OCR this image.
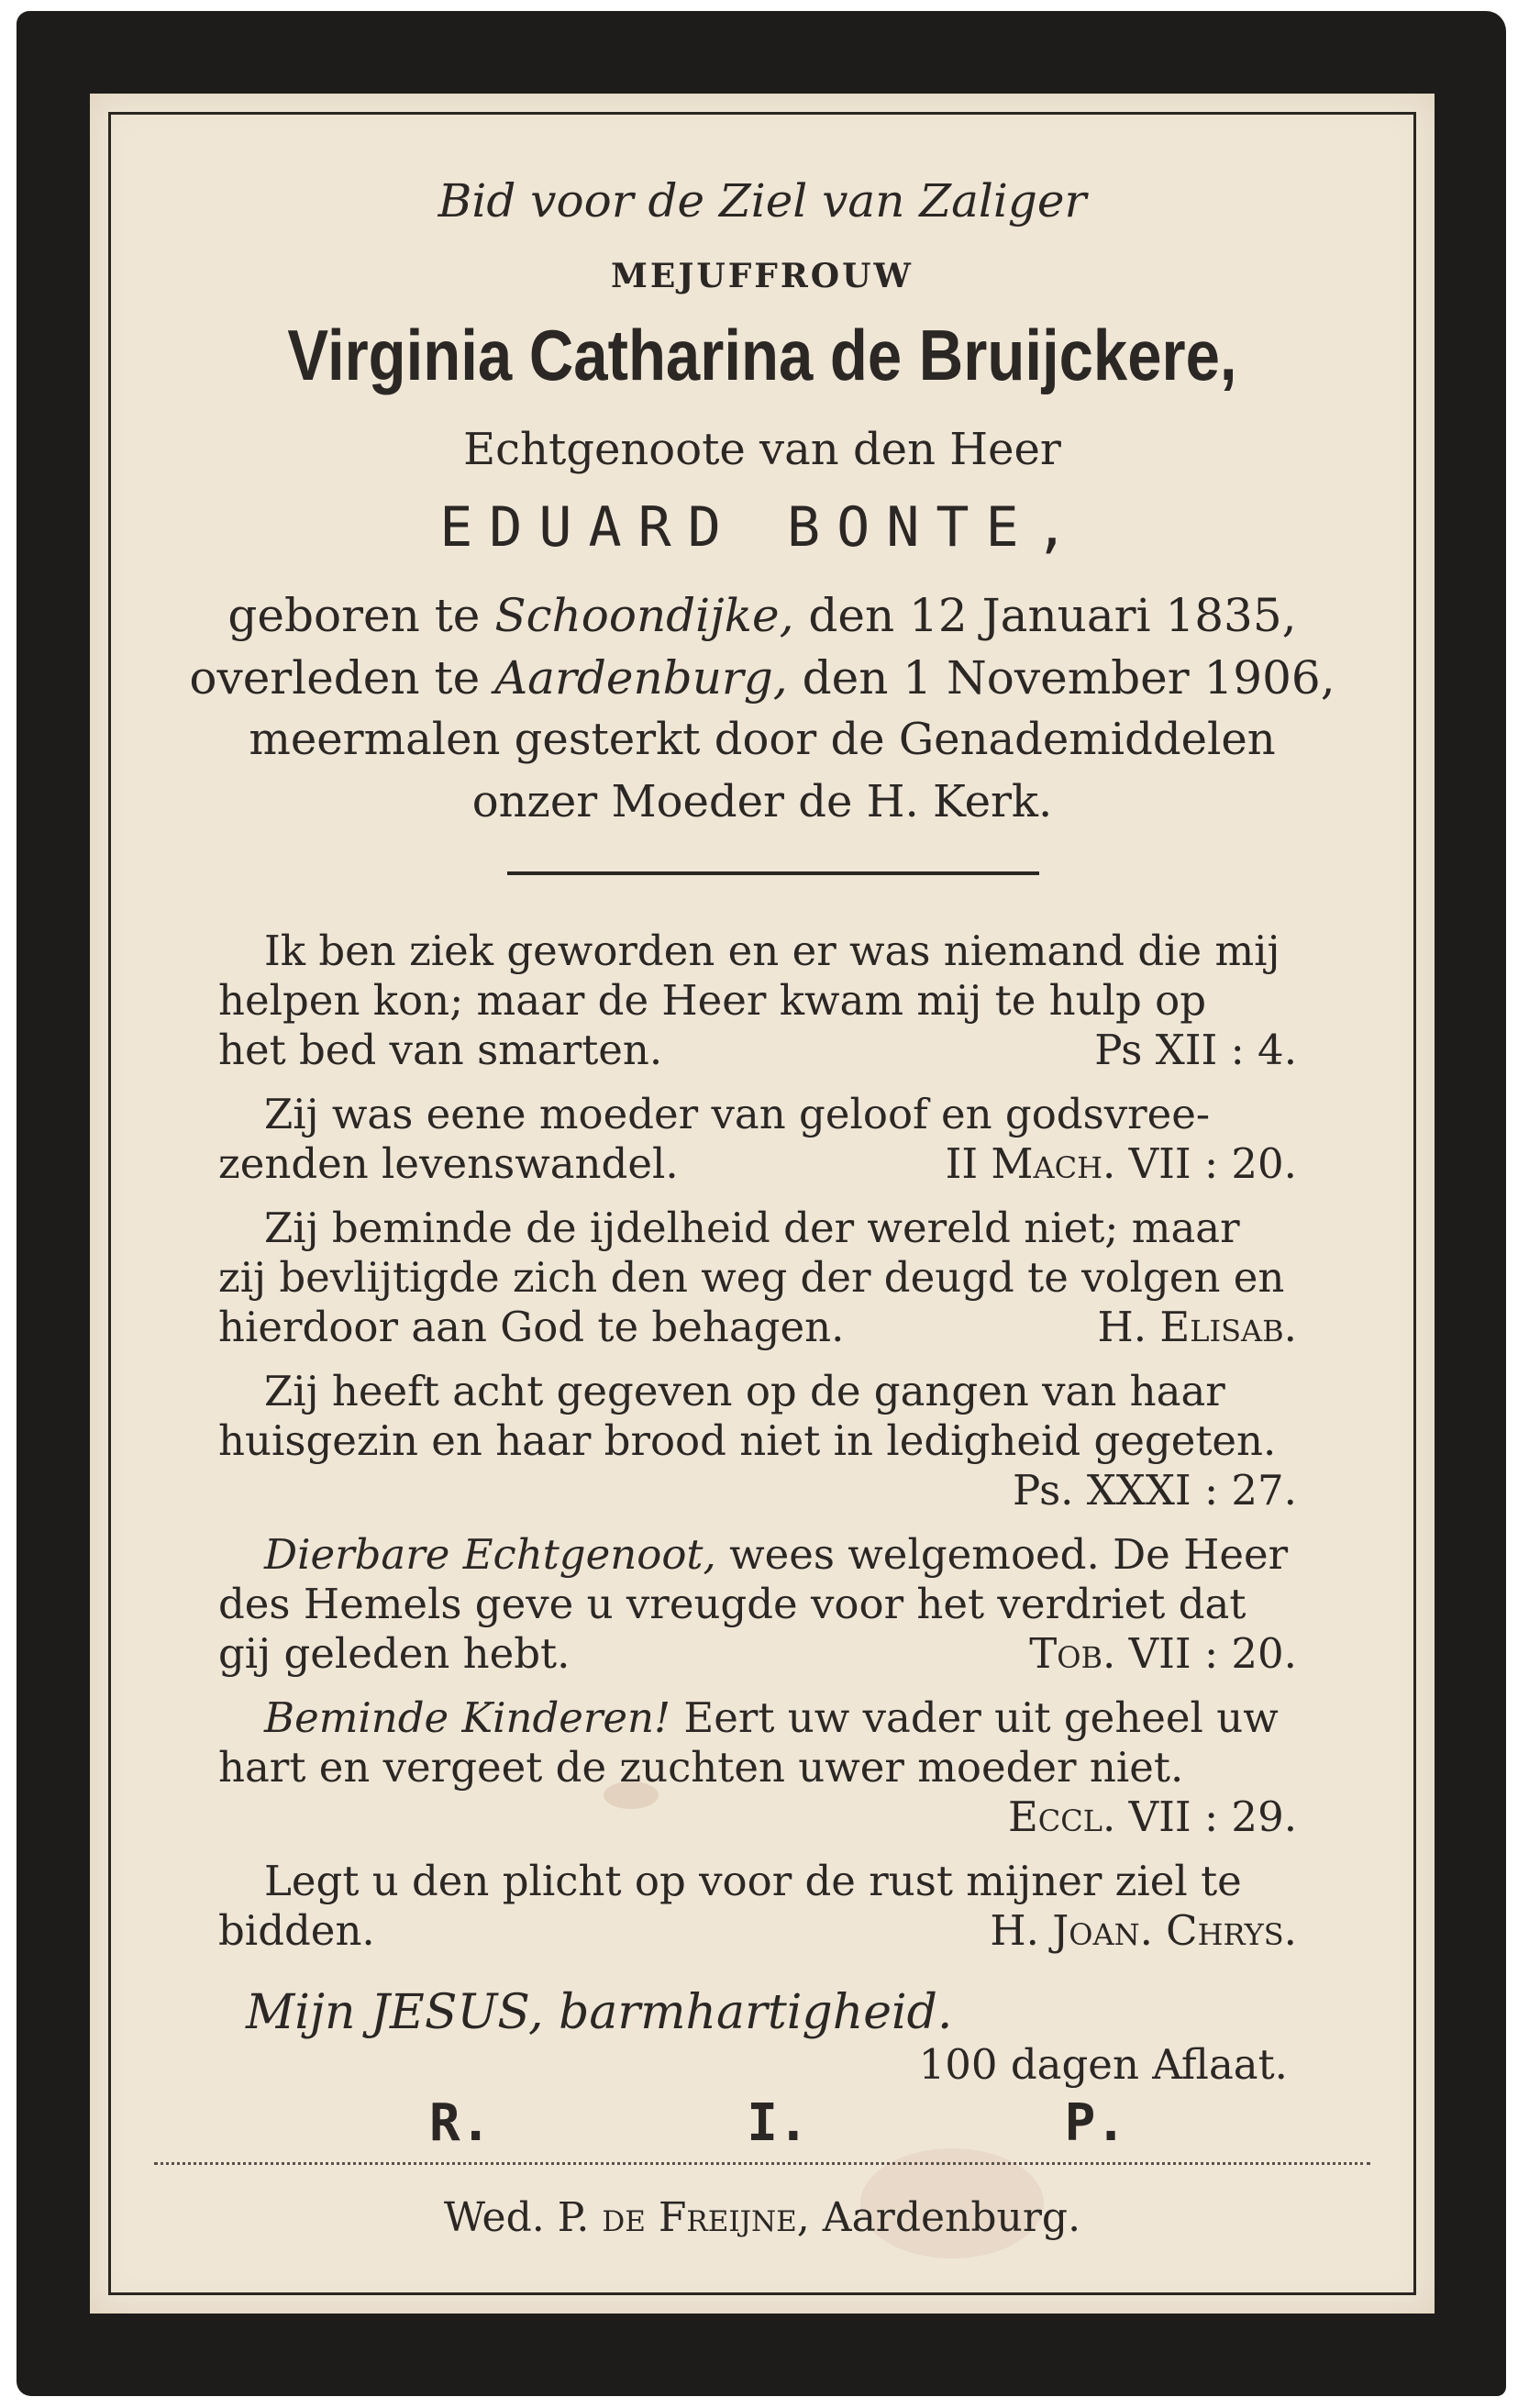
Bid voor de Ziel van Zaliger
MEJUFFROUW
Virginia Catharina de Bruijckere,
Echtgenoote van den Heer
EDUARD BONTE,
geboren te Schoondijke, den 12 Januari 1835,
overleden te Aardenburg, den 1 November 1906,
meermalen gesterkt door de Genademiddelen
onzer Moeder de H. Kerk.
Ik ben ziek geworden en er was niemand die mij
helpen kon; maar de Heer kwam mij te hulp op
het bed van smarten.	Ps XII : 4.
Zij was eene moeder van geloof en godsvree-
zenden levenswandel.	II Mach. VII : 20.
Zij beminde de ijdelheid der wereld niet; maar
zij bevlijtigde zich den weg der deugd te volgen en
hierdoor aan God te behagen.	H. Elisab.
Zij heeft acht gegeven op de gangen van haar
huisgezin en haar brood niet in ledigheid gegeten.
Ps. XXXI : 27.
Dierbare Echtgenoot, wees welgemoed. De Heer
des Hemels geve u vreugde voor het verdriet dat
gij geleden hebt.	Tob. VII : 20.
Beminde Kinderen! Eert uw vader uit geheel uw
hart en vergeet de zuchten uwer moeder niet.
Eccl. VII : 29.
Legt u den plicht op voor de rust mijner ziel te
bidden.	H. Joan. Chrys.
Mijn JESUS, barmhartigheid.
100 dagen Aflaat.
R.	I.	P.
Wed. P. de Freijne, Aardenburg.
